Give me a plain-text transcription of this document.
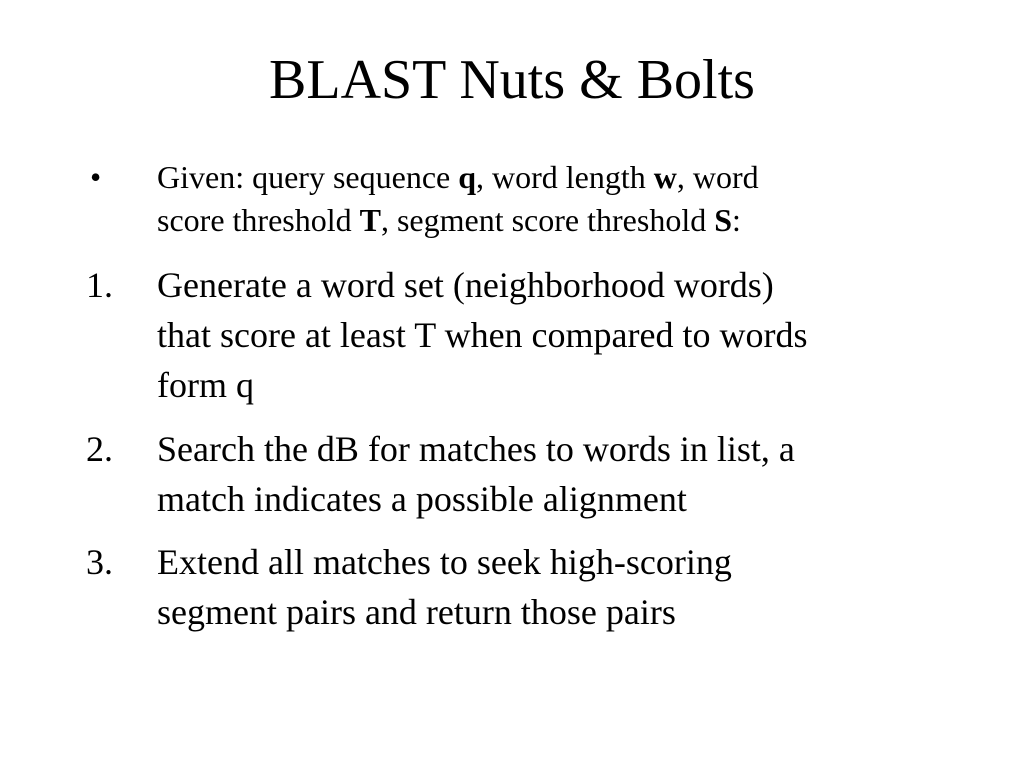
BLAST Nuts & Bolts
• Given: query sequence q, word length w, word
score threshold T, segment score threshold S:
1. Generate a word set (neighborhood words)
that score at least T when compared to words
form q
2. Search the dB for matches to words in list, a
match indicates a possible alignment
3. Extend all matches to seek high-scoring
segment pairs and return those pairs
